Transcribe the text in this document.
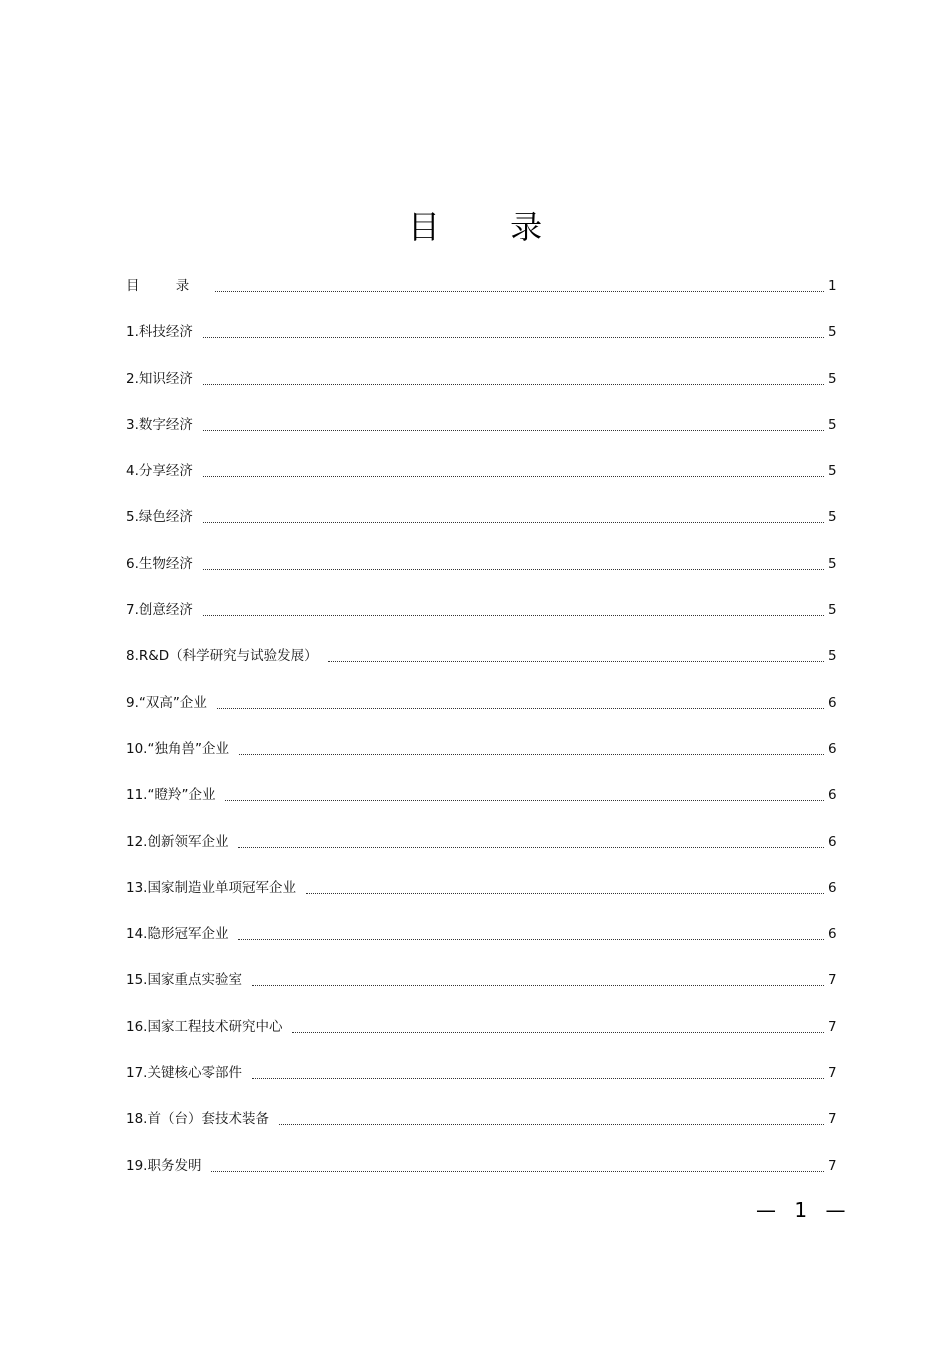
目 录
目 录	1
1.科技经济	5
2.知识经济	5
3.数字经济	5
4.分享经济	5
5.绿色经济	5
6.生物经济	5
7.创意经济	5
8.R&D（科学研究与试验发展）	5
9.“双高”企业	6
10.“独角兽”企业	6
11.“瞪羚”企业	6
12.创新领军企业	6
13.国家制造业单项冠军企业	6
14.隐形冠军企业	6
15.国家重点实验室	7
16.国家工程技术研究中心	7
17.关键核心零部件	7
18.首（台）套技术装备	7
19.职务发明	7
— 1 —
